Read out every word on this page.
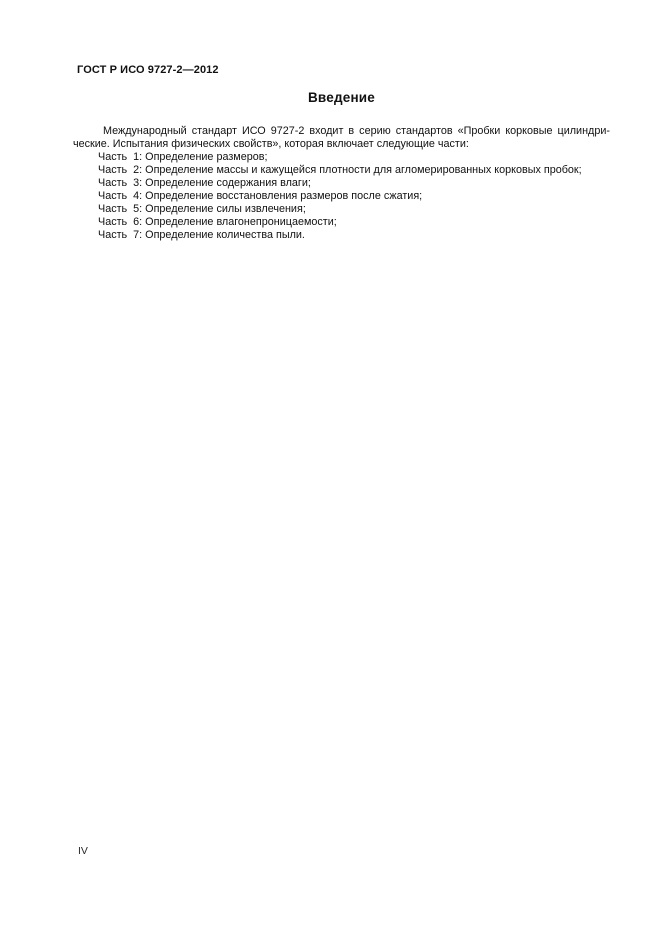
ГОСТ Р ИСО 9727-2—2012
Введение

Международный стандарт ИСО 9727-2 входит в серию стандартов «Пробки корковые цилиндрические. Испытания физических свойств», которая включает следующие части:

Часть  1: Определение размеров;
Часть  2: Определение массы и кажущейся плотности для агломерированных корковых пробок;
Часть  3: Определение содержания влаги;
Часть  4: Определение восстановления размеров после сжатия;
Часть  5: Определение силы извлечения;
Часть  6: Определение влагонепроницаемости;
Часть  7: Определение количества пыли.
IV
